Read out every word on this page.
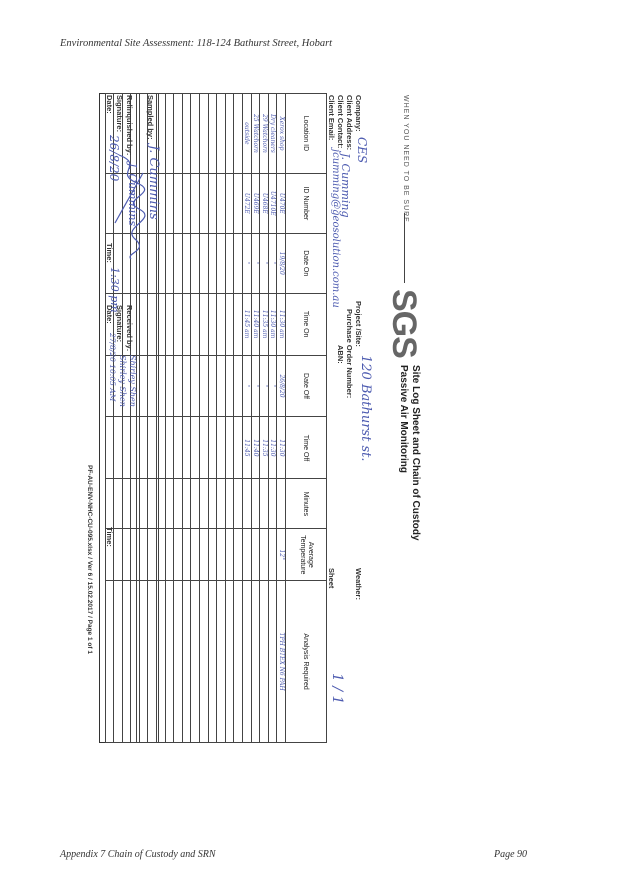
Environmental Site Assessment: 118-124 Bathurst Street, Hobart
WHEN YOU NEED TO BE SURE
SGS
Site Log Sheet and Chain of Custody
Passive Air Monitoring
Company:
CES
Client Address:
Client Contact:
J. Cumming
Client Email:
jcumming@geosolution.com.au
Project /Site:
120 Bathurst st.
Purchase Order Number:
ABN:
Weather:
Sheet
1 / 1
Location ID	ID Number	Date On	Time On	Date Off	Time Off	Minutes	Average Temperature	Analysis Required
Xerox shop	U470E	19/8/20	11:30 am	26/8/20	11:30		12°	TPH BTEX N6 PAH
Dry cleaners	U4710E	"	11:30 am	"	11:30			
29 Watchorn	U468E	"	11:35 am	"	11:35			
25 Watchorn	U469E	"	11:40 am	"	11:40			
outside	U472E	"	11:45 am	"	11:45			

Sampled by:
J. Cummins
Relinquished by:
J. Cummins
Signature:
Date:
26/8/20
Time:
1:30 pm
Received by:
Shirley Shen
Signature:
Shirley Shen
Date:
27/8/20 10:05 AM
Time:
PF-AU-ENV-NHC-CU-095.xlsx / Ver 6 / 15.02.2017 / Page 1 of 1
Appendix 7 Chain of Custody and SRN	Page 90
